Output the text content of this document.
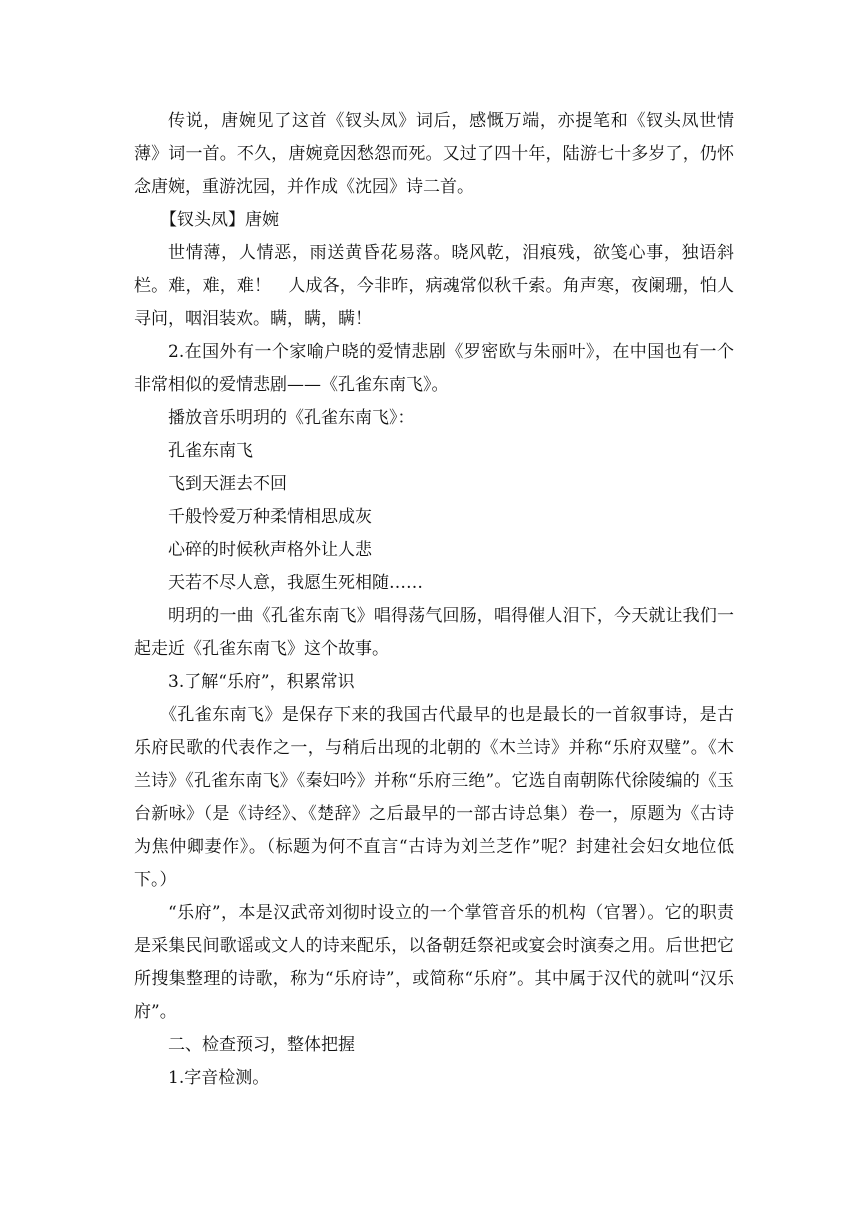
传说，唐婉见了这首《钗头凤》词后，感慨万端，亦提笔和《钗头凤世情薄》词一首。不久，唐婉竟因愁怨而死。又过了四十年，陆游七十多岁了，仍怀念唐婉，重游沈园，并作成《沈园》诗二首。

【钗头凤】唐婉

世情薄，人情恶，雨送黄昏花易落。晓风乾，泪痕残，欲笺心事，独语斜栏。难，难，难！　人成各，今非昨，病魂常似秋千索。角声寒，夜阑珊，怕人寻问，咽泪装欢。瞒，瞒，瞒！

2.在国外有一个家喻户晓的爱情悲剧《罗密欧与朱丽叶》，在中国也有一个非常相似的爱情悲剧——《孔雀东南飞》。

播放音乐明玥的《孔雀东南飞》：

孔雀东南飞

飞到天涯去不回

千般怜爱万种柔情相思成灰

心碎的时候秋声格外让人悲

天若不尽人意，我愿生死相随……

明玥的一曲《孔雀东南飞》唱得荡气回肠，唱得催人泪下，今天就让我们一起走近《孔雀东南飞》这个故事。

3.了解“乐府”，积累常识

《孔雀东南飞》是保存下来的我国古代最早的也是最长的一首叙事诗，是古乐府民歌的代表作之一，与稍后出现的北朝的《木兰诗》并称“乐府双璧”。《木兰诗》《孔雀东南飞》《秦妇吟》并称“乐府三绝”。它选自南朝陈代徐陵编的《玉台新咏》（是《诗经》、《楚辞》之后最早的一部古诗总集）卷一，原题为《古诗为焦仲卿妻作》。（标题为何不直言“古诗为刘兰芝作”呢？封建社会妇女地位低下。）

“乐府”，本是汉武帝刘彻时设立的一个掌管音乐的机构（官署）。它的职责是采集民间歌谣或文人的诗来配乐，以备朝廷祭祀或宴会时演奏之用。后世把它所搜集整理的诗歌，称为“乐府诗”，或简称“乐府”。其中属于汉代的就叫“汉乐府”。

二、检查预习，整体把握

1.字音检测。
